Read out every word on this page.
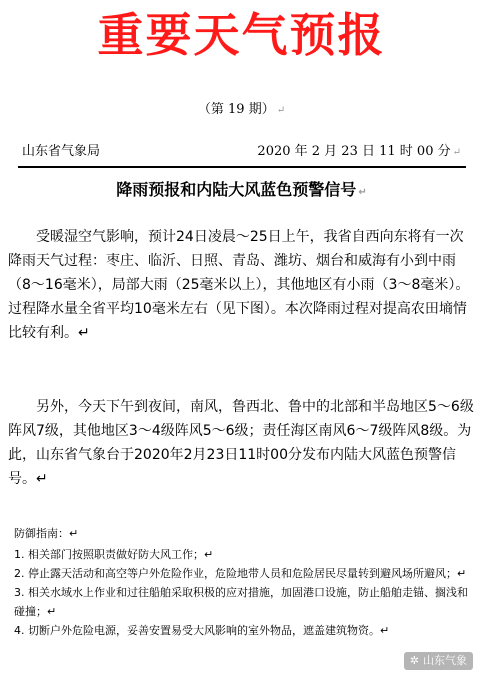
重要天气预报
（第 19 期） ↵
山东省气象局	2020 年 2 月 23 日 11 时 00 分 ↵
降雨预报和内陆大风蓝色预警信号 ↵

受暖湿空气影响，预计24日凌晨～25日上午，我省自西向东将有一次降雨天气过程：枣庄、临沂、日照、青岛、潍坊、烟台和威海有小到中雨（8～16毫米），局部大雨（25毫米以上），其他地区有小雨（3～8毫米）。过程降水量全省平均10毫米左右（见下图）。本次降雨过程对提高农田墒情比较有利。↵

另外，今天下午到夜间，南风，鲁西北、鲁中的北部和半岛地区5～6级阵风7级，其他地区3～4级阵风5～6级；责任海区南风6～7级阵风8级。为此，山东省气象台于2020年2月23日11时00分发布内陆大风蓝色预警信号。↵

防御指南：↵
1. 相关部门按照职责做好防大风工作；↵
2. 停止露天活动和高空等户外危险作业，危险地带人员和危险居民尽量转到避风场所避风；↵
3. 相关水域水上作业和过往船舶采取积极的应对措施，加固港口设施，防止船舶走锚、搁浅和碰撞；↵
4. 切断户外危险电源，妥善安置易受大风影响的室外物品，遮盖建筑物资。↵
✲ 山东气象
